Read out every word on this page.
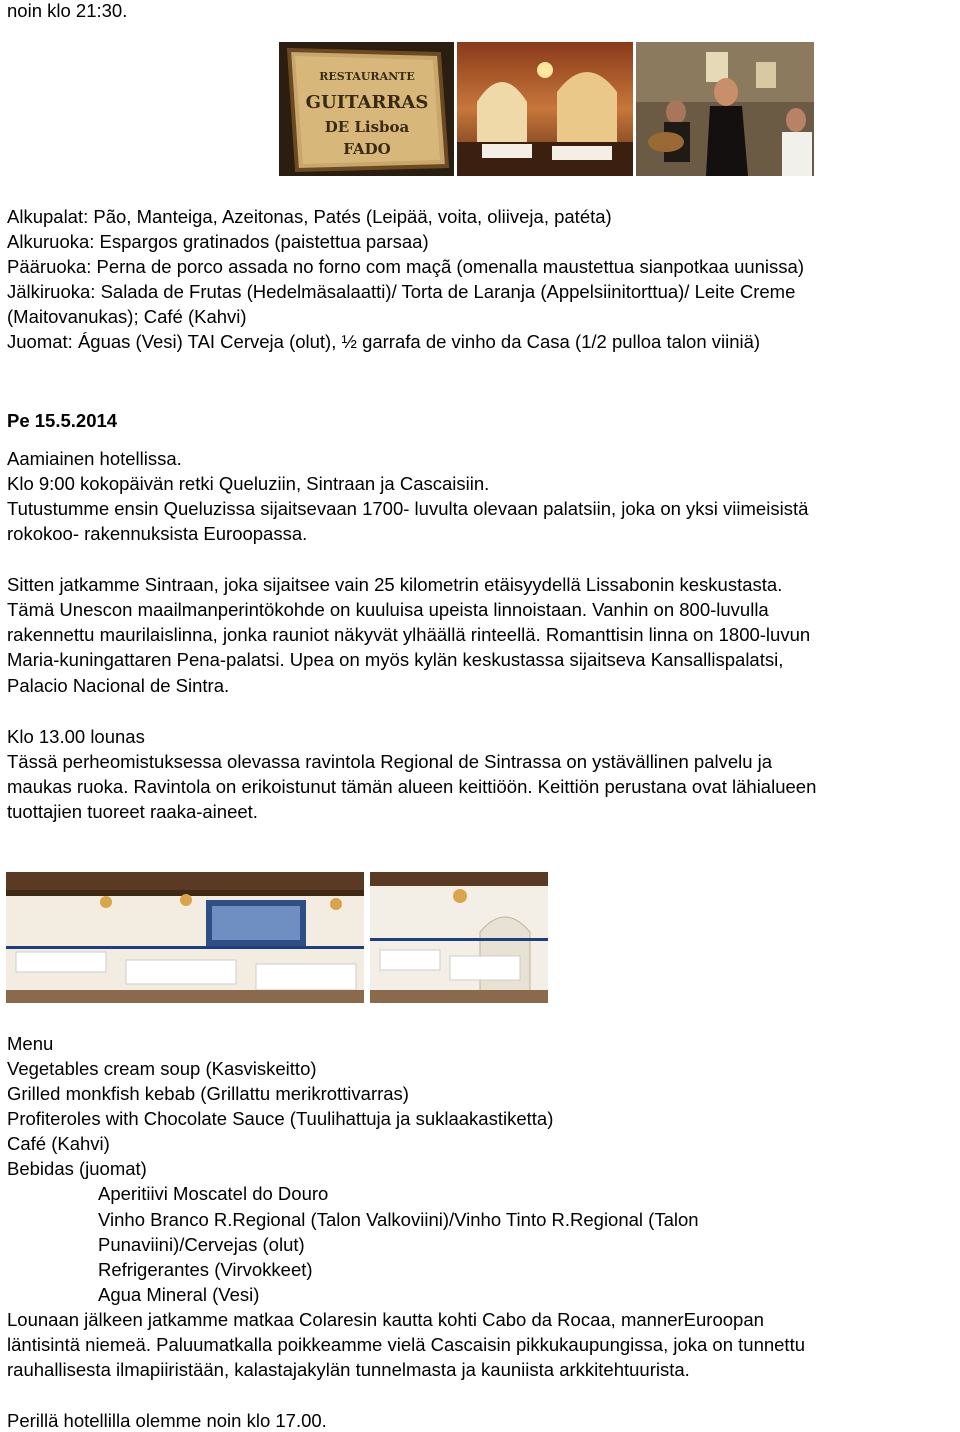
noin klo 21:30.
RESTAURANTE
GUITARRAS
DE Lisboa
FADO
Alkupalat: Pão, Manteiga, Azeitonas, Patés (Leipää, voita, oliiveja, patéta)
Alkuruoka: Espargos gratinados (paistettua parsaa)
Pääruoka: Perna de porco assada no forno com maçã (omenalla maustettua sianpotkaa uunissa)
Jälkiruoka: Salada de Frutas (Hedelmäsalaatti)/ Torta de Laranja (Appelsiinitorttua)/ Leite Creme
(Maitovanukas); Café (Kahvi)
Juomat: Águas (Vesi) TAI Cerveja (olut), ½ garrafa de vinho da Casa (1/2 pulloa talon viiniä)
Pe 15.5.2014
Aamiainen hotellissa.
Klo 9:00 kokopäivän retki Queluziin, Sintraan ja Cascaisiin.
Tutustumme ensin Queluzissa sijaitsevaan 1700- luvulta olevaan palatsiin, joka on yksi viimeisistä
rokokoo- rakennuksista Euroopassa.
Sitten jatkamme Sintraan, joka sijaitsee vain 25 kilometrin etäisyydellä Lissabonin keskustasta.
Tämä Unescon maailmanperintökohde on kuuluisa upeista linnoistaan. Vanhin on 800-luvulla
rakennettu maurilaislinna, jonka rauniot näkyvät ylhäällä rinteellä. Romanttisin linna on 1800-luvun
Maria-kuningattaren Pena-palatsi. Upea on myös kylän keskustassa sijaitseva Kansallispalatsi,
Palacio Nacional de Sintra.
Klo 13.00 lounas
Tässä perheomistuksessa olevassa ravintola Regional de Sintrassa on ystävällinen palvelu ja
maukas ruoka. Ravintola on erikoistunut tämän alueen keittiöön. Keittiön perustana ovat lähialueen
tuottajien tuoreet raaka-aineet.
Menu
Vegetables cream soup (Kasviskeitto)
Grilled monkfish kebab (Grillattu merikrottivarras)
Profiteroles with Chocolate Sauce (Tuulihattuja ja suklaakastiketta)
Café (Kahvi)
Bebidas (juomat)
Aperitiivi Moscatel do Douro
Vinho Branco R.Regional (Talon Valkoviini)/Vinho Tinto R.Regional (Talon
Punaviini)/Cervejas (olut)
Refrigerantes (Virvokkeet)
Agua Mineral (Vesi)
Lounaan jälkeen jatkamme matkaa Colaresin kautta kohti Cabo da Rocaa, mannerEuroopan
läntisintä niemeä. Paluumatkalla poikkeamme vielä Cascaisin pikkukaupungissa, joka on tunnettu
rauhallisesta ilmapiiristään, kalastajakylän tunnelmasta ja kauniista arkkitehtuurista.
Perillä hotellilla olemme noin klo 17.00.
